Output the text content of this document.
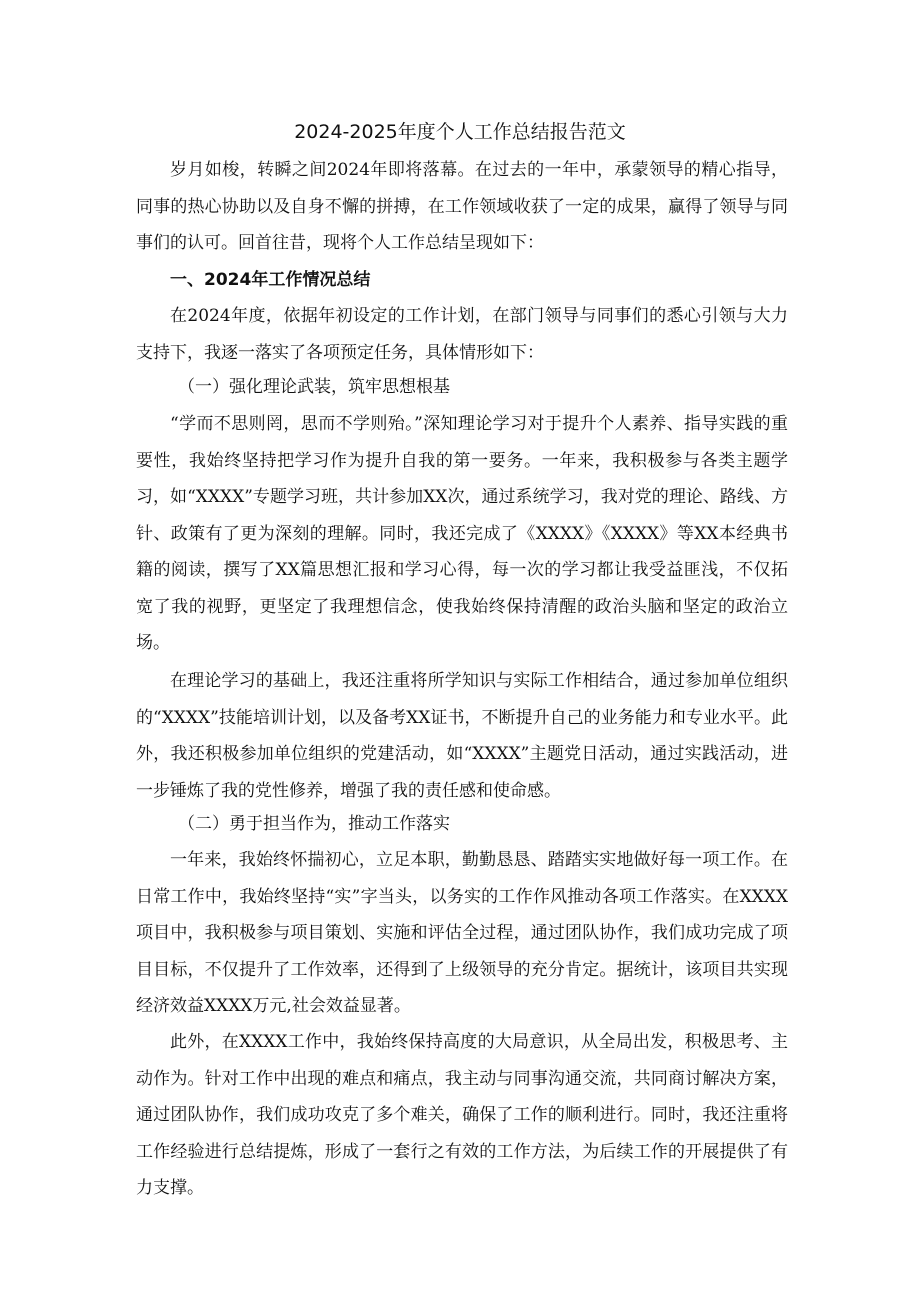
2024-2025年度个人工作总结报告范文

岁月如梭，转瞬之间2024年即将落幕。在过去的一年中，承蒙领导的精心指导，同事的热心协助以及自身不懈的拼搏，在工作领域收获了一定的成果，赢得了领导与同事们的认可。回首往昔，现将个人工作总结呈现如下：

一、2024年工作情况总结

在2024年度，依据年初设定的工作计划，在部门领导与同事们的悉心引领与大力支持下，我逐一落实了各项预定任务，具体情形如下：

（一）强化理论武装，筑牢思想根基

“学而不思则罔，思而不学则殆。”深知理论学习对于提升个人素养、指导实践的重要性，我始终坚持把学习作为提升自我的第一要务。一年来，我积极参与各类主题学习，如“XXXX”专题学习班，共计参加XX次，通过系统学习，我对党的理论、路线、方针、政策有了更为深刻的理解。同时，我还完成了《XXXX》《XXXX》等XX本经典书籍的阅读，撰写了XX篇思想汇报和学习心得，每一次的学习都让我受益匪浅，不仅拓宽了我的视野，更坚定了我理想信念，使我始终保持清醒的政治头脑和坚定的政治立场。

在理论学习的基础上，我还注重将所学知识与实际工作相结合，通过参加单位组织的“XXXX”技能培训计划，以及备考XX证书，不断提升自己的业务能力和专业水平。此外，我还积极参加单位组织的党建活动，如“XXXX”主题党日活动，通过实践活动，进一步锤炼了我的党性修养，增强了我的责任感和使命感。

（二）勇于担当作为，推动工作落实

一年来，我始终怀揣初心，立足本职，勤勤恳恳、踏踏实实地做好每一项工作。在日常工作中，我始终坚持“实”字当头，以务实的工作作风推动各项工作落实。在XXXX项目中，我积极参与项目策划、实施和评估全过程，通过团队协作，我们成功完成了项目目标，不仅提升了工作效率，还得到了上级领导的充分肯定。据统计，该项目共实现经济效益XXXX万元,社会效益显著。

此外，在XXXX工作中，我始终保持高度的大局意识，从全局出发，积极思考、主动作为。针对工作中出现的难点和痛点，我主动与同事沟通交流，共同商讨解决方案，通过团队协作，我们成功攻克了多个难关，确保了工作的顺利进行。同时，我还注重将工作经验进行总结提炼，形成了一套行之有效的工作方法，为后续工作的开展提供了有力支撑。
